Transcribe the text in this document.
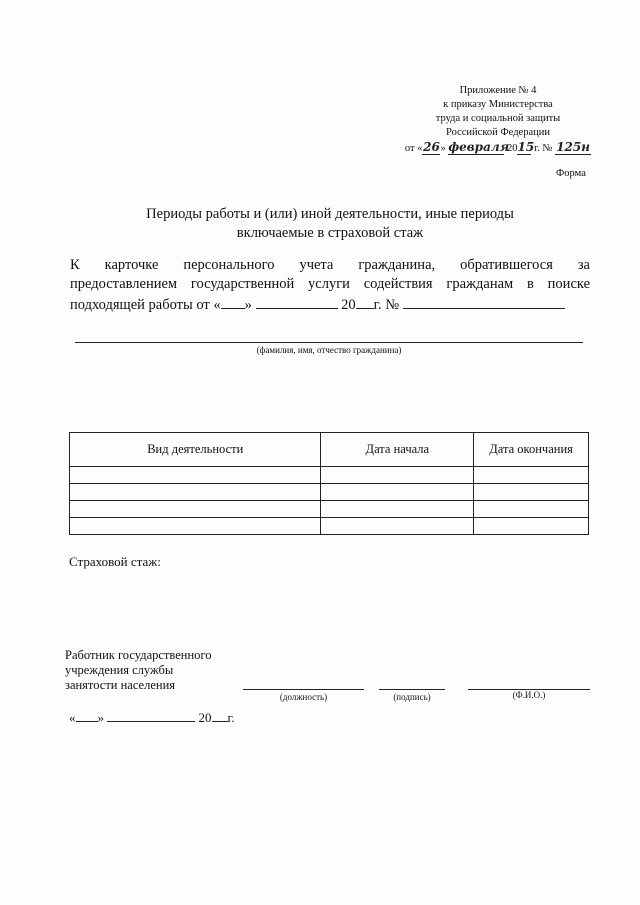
Приложение № 4
к приказу Министерства
труда и социальной защиты
Российской Федерации
от «26» февраля 2015 г. № 125н
Форма
Периоды работы и (или) иной деятельности, иные периоды
включаемые в страховой стаж
К карточке персонального учета гражданина, обратившегося за
предоставлением государственной услуги содействия гражданам в поиске
подходящей работы от « »	20 г. №
(фамилия, имя, отчество гражданина)
Вид деятельности	Дата начала	Дата окончания

Страховой стаж:
Работник государственного
учреждения службы
занятости населения
(должность)	(подпись)	(Ф.И.О.)
« »	20 г.
